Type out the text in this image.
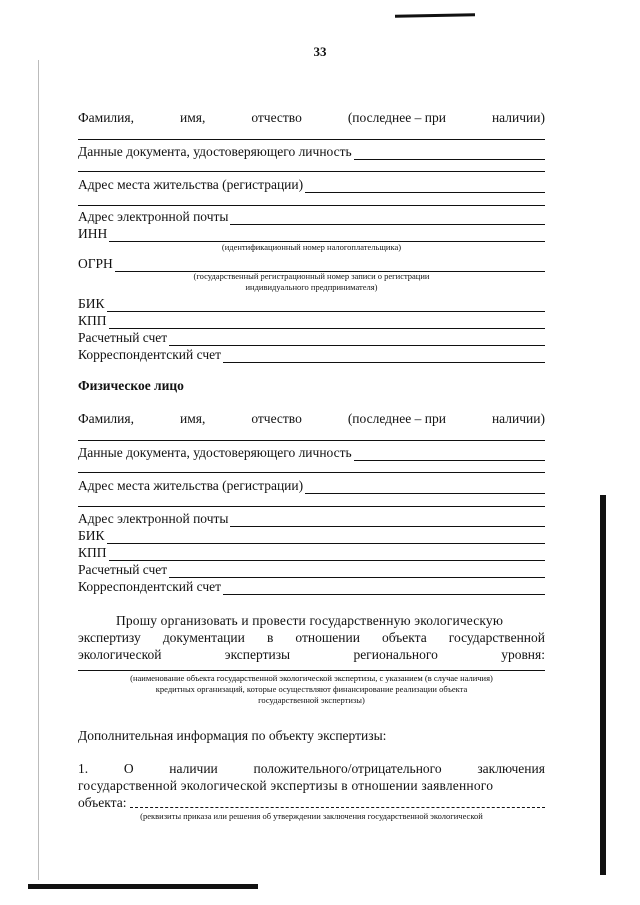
33
Фамилия,	имя,	отчество	(последнее – при	наличии)
Данные документа, удостоверяющего личность
Адрес места жительства (регистрации)
Адрес электронной почты
ИНН
(идентификационный номер налогоплательщика)
ОГРН
(государственный регистрационный номер записи о регистрации
индивидуального предпринимателя)
БИК
КПП
Расчетный счет
Корреспондентский счет
Физическое лицо
Фамилия,	имя,	отчество	(последнее – при	наличии)
Данные документа, удостоверяющего личность
Адрес места жительства (регистрации)
Адрес электронной почты
БИК
КПП
Расчетный счет
Корреспондентский счет
Прошу организовать и провести государственную экологическую
экспертизу документации в отношении объекта государственной
экологической	экспертизы	регионального	уровня:
(наименование объекта государственной экологической экспертизы, с указанием (в случае наличия)
кредитных организаций, которые осуществляют финансирование реализации объекта
государственной экспертизы)
Дополнительная информация по объекту экспертизы:
1.	О	наличии	положительного/отрицательного	заключения
государственной экологической экспертизы в отношении заявленного
объекта:
(реквизиты приказа или решения об утверждении заключения государственной экологической
